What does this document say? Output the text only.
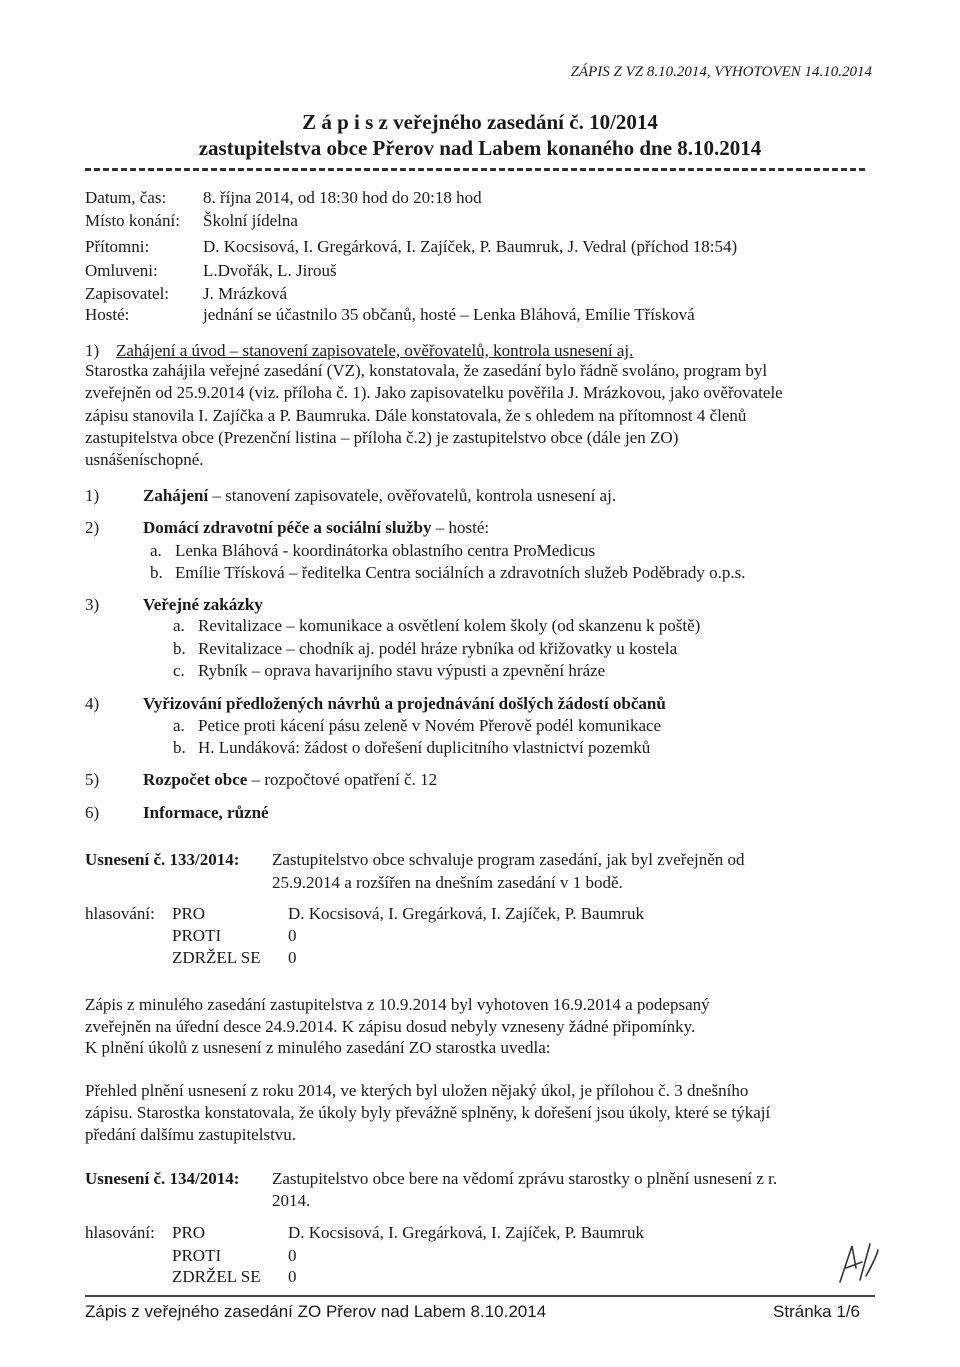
ZÁPIS Z VZ 8.10.2014, VYHOTOVEN 14.10.2014
Z á p i s z veřejného zasedání č. 10/2014
zastupitelstva obce Přerov nad Labem konaného dne 8.10.2014
Datum, čas: 8. října 2014, od 18:30 hod do 20:18 hod
Místo konání: Školní jídelna
Přítomni:	D. Kocsisová, I. Gregárková, I. Zajíček, P. Baumruk, J. Vedral (příchod 18:54)
Omluveni:	L.Dvořák, L. Jirouš
Zapisovatel: J. Mrázková
Hosté:	jednání se účastnilo 35 občanů, hosté – Lenka Bláhová, Emílie Třísková
1) Zahájení a úvod – stanovení zapisovatele, ověřovatelů, kontrola usnesení aj.
Starostka zahájila veřejné zasedání (VZ), konstatovala, že zasedání bylo řádně svoláno, program byl
zveřejněn od 25.9.2014 (viz. příloha č. 1). Jako zapisovatelku pověřila J. Mrázkovou, jako ověřovatele
zápisu stanovila I. Zajíčka a P. Baumruka. Dále konstatovala, že s ohledem na přítomnost 4 členů
zastupitelstva obce (Prezenční listina – příloha č.2) je zastupitelstvo obce (dále jen ZO)
usnášeníschopné.
1)	Zahájení – stanovení zapisovatele, ověřovatelů, kontrola usnesení aj.
2)	Domácí zdravotní péče a sociální služby – hosté:
a. Lenka Bláhová - koordinátorka oblastního centra ProMedicus
b. Emílie Třísková – ředitelka Centra sociálních a zdravotních služeb Poděbrady o.p.s.
3)	Veřejné zakázky
a. Revitalizace – komunikace a osvětlení kolem školy (od skanzenu k poště)
b. Revitalizace – chodník aj. podél hráze rybníka od křižovatky u kostela
c. Rybník – oprava havarijního stavu výpusti a zpevnění hráze
4)	Vyřizování předložených návrhů a projednávání došlých žádostí občanů
a. Petice proti kácení pásu zeleně v Novém Přerově podél komunikace
b. H. Lundáková: žádost o dořešení duplicitního vlastnictví pozemků
5)	Rozpočet obce – rozpočtové opatření č. 12
6)	Informace, různé
Usnesení č. 133/2014: Zastupitelstvo obce schvaluje program zasedání, jak byl zveřejněn od
25.9.2014 a rozšířen na dnešním zasedání v 1 bodě.
hlasování: PRO	D. Kocsisová, I. Gregárková, I. Zajíček, P. Baumruk
PROTI	0
ZDRŽEL SE 0
Zápis z minulého zasedání zastupitelstva z 10.9.2014 byl vyhotoven 16.9.2014 a podepsaný
zveřejněn na úřední desce 24.9.2014. K zápisu dosud nebyly vzneseny žádné připomínky.
K plnění úkolů z usnesení z minulého zasedání ZO starostka uvedla:
Přehled plnění usnesení z roku 2014, ve kterých byl uložen nějaký úkol, je přílohou č. 3 dnešního
zápisu. Starostka konstatovala, že úkoly byly převážně splněny, k dořešení jsou úkoly, které se týkají
předání dalšímu zastupitelstvu.
Usnesení č. 134/2014: Zastupitelstvo obce bere na vědomí zprávu starostky o plnění usnesení z r.
2014.
hlasování: PRO	D. Kocsisová, I. Gregárková, I. Zajíček, P. Baumruk
PROTI	0
ZDRŽEL SE 0
Zápis z veřejného zasedání ZO Přerov nad Labem 8.10.2014	Stránka 1/6
